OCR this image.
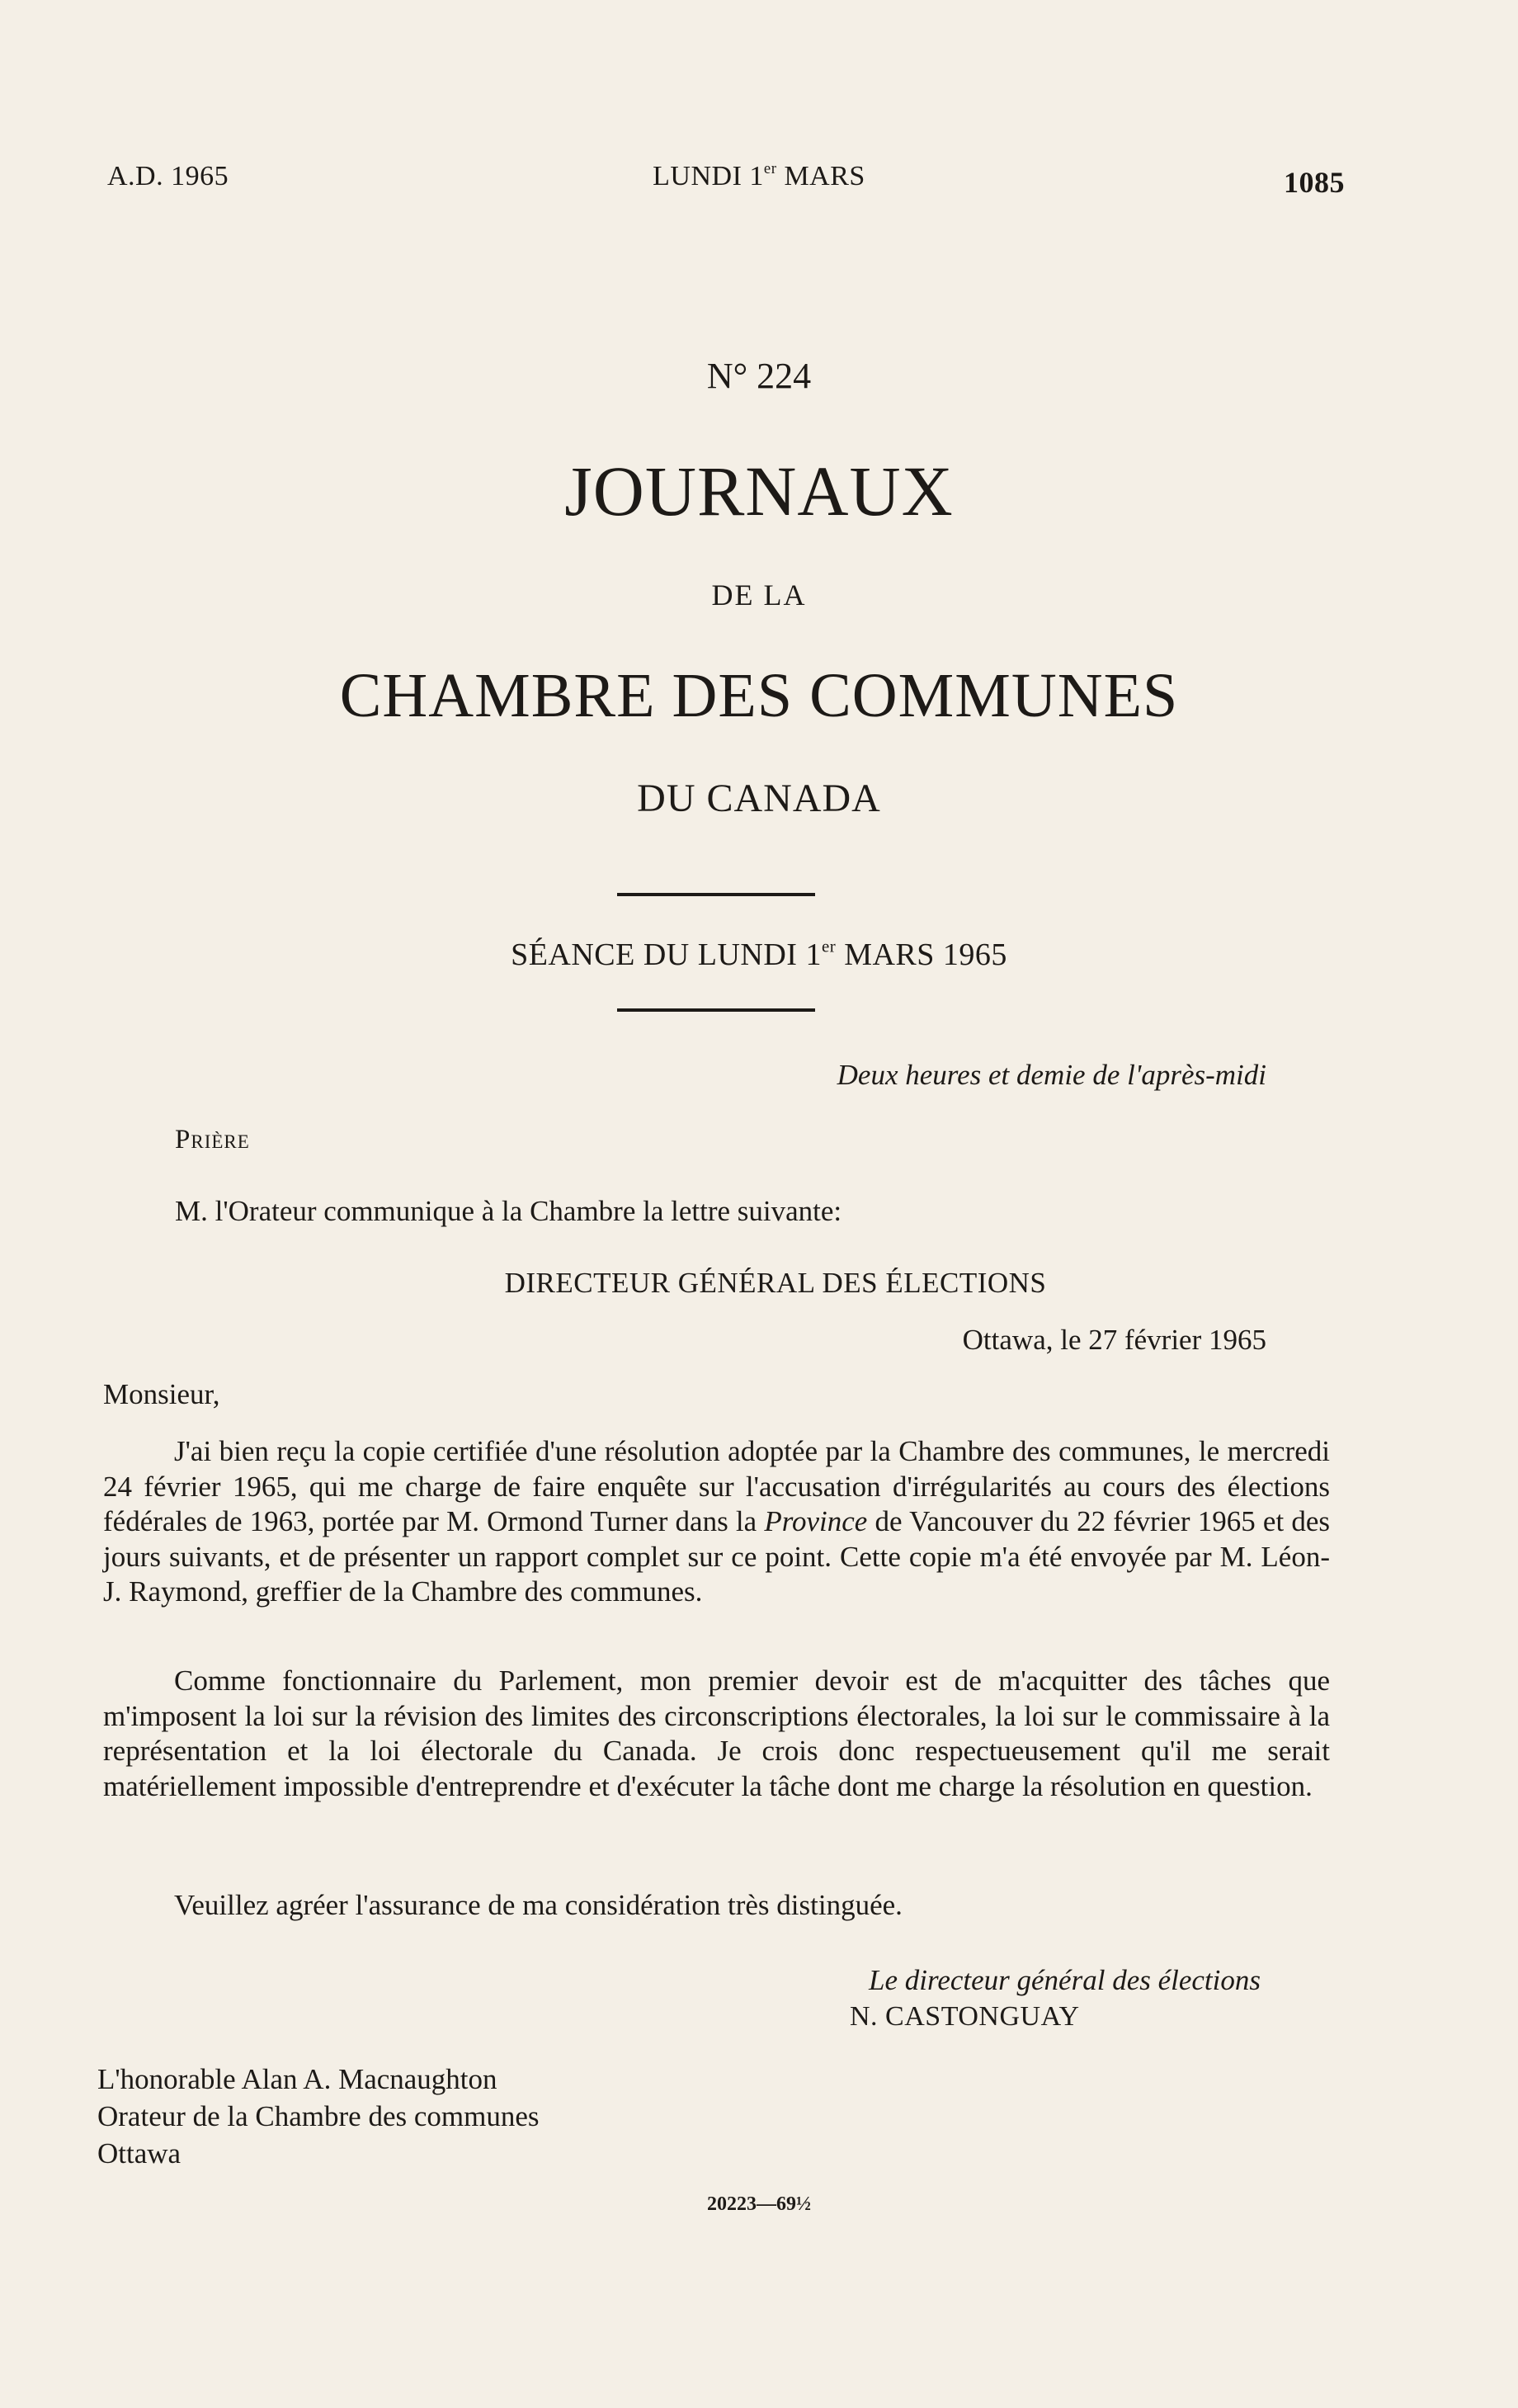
A.D. 1965	LUNDI 1er MARS	1085
N° 224
JOURNAUX
DE LA
CHAMBRE DES COMMUNES
DU CANADA
SÉANCE DU LUNDI 1er MARS 1965
Deux heures et demie de l'après-midi
Prière
M. l'Orateur communique à la Chambre la lettre suivante:
DIRECTEUR GÉNÉRAL DES ÉLECTIONS
Ottawa, le 27 février 1965
Monsieur,
J'ai bien reçu la copie certifiée d'une résolution adoptée par la Chambre des communes, le mercredi 24 février 1965, qui me charge de faire enquête sur l'accusation d'irrégularités au cours des élections fédérales de 1963, portée par M. Ormond Turner dans la Province de Vancouver du 22 février 1965 et des jours suivants, et de présenter un rapport complet sur ce point. Cette copie m'a été envoyée par M. Léon-J. Raymond, greffier de la Chambre des communes.
Comme fonctionnaire du Parlement, mon premier devoir est de m'acquitter des tâches que m'imposent la loi sur la révision des limites des circonscriptions électorales, la loi sur le commissaire à la représentation et la loi électorale du Canada. Je crois donc respectueusement qu'il me serait matériellement impossible d'entreprendre et d'exécuter la tâche dont me charge la résolution en question.
Veuillez agréer l'assurance de ma considération très distinguée.
Le directeur général des élections
N. CASTONGUAY
L'honorable Alan A. Macnaughton
Orateur de la Chambre des communes
Ottawa
20223—69½
